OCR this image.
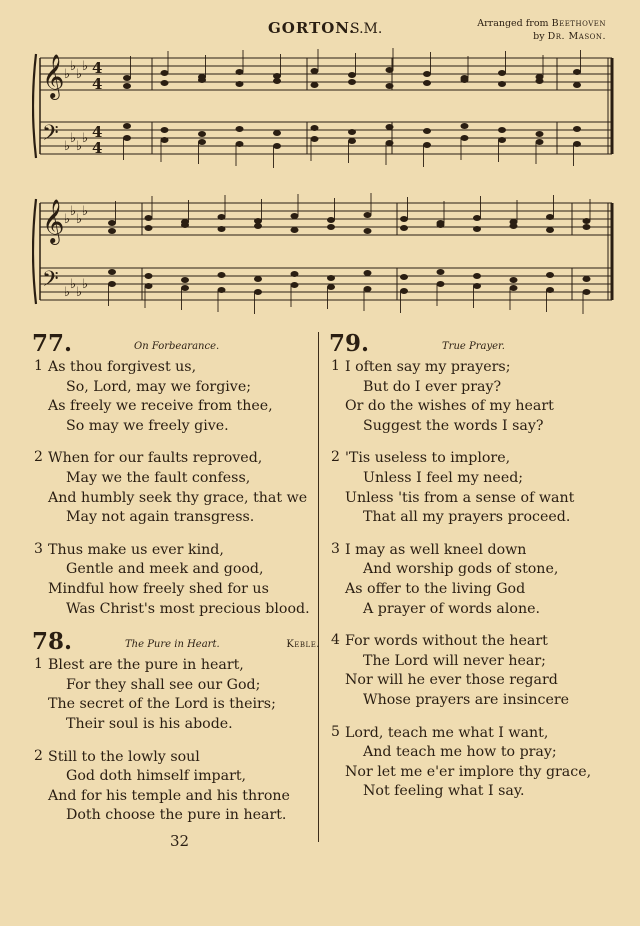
GORTON.
S.M.	Arranged from Beethoven
by Dr. Mason.
𝄞
𝄢
♭
♭
♭
♭
♭
♭
♭
♭
4
4
4
4
𝄞
𝄢
♭
♭
♭
♭
♭
♭
♭
♭
77.	On Forbearance.
1 As thou forgivest us,
So, Lord, may we forgive;
As freely we receive from thee,
So may we freely give.
2 When for our faults reproved,
May we the fault confess,
And humbly seek thy grace, that we
May not again transgress.
3 Thus make us ever kind,
Gentle and meek and good,
Mindful how freely shed for us
Was Christ's most precious blood.
78.	The Pure in Heart.	Keble.
1 Blest are the pure in heart,
For they shall see our God;
The secret of the Lord is theirs;
Their soul is his abode.
2 Still to the lowly soul
God doth himself impart,
And for his temple and his throne
Doth choose the pure in heart.
79.	True Prayer.
1 I often say my prayers;
But do I ever pray?
Or do the wishes of my heart
Suggest the words I say?
2 'Tis useless to implore,
Unless I feel my need;
Unless 'tis from a sense of want
That all my prayers proceed.
3 I may as well kneel down
And worship gods of stone,
As offer to the living God
A prayer of words alone.
4 For words without the heart
The Lord will never hear;
Nor will he ever those regard
Whose prayers are insincere
5 Lord, teach me what I want,
And teach me how to pray;
Nor let me e'er implore thy grace,
Not feeling what I say.
32
